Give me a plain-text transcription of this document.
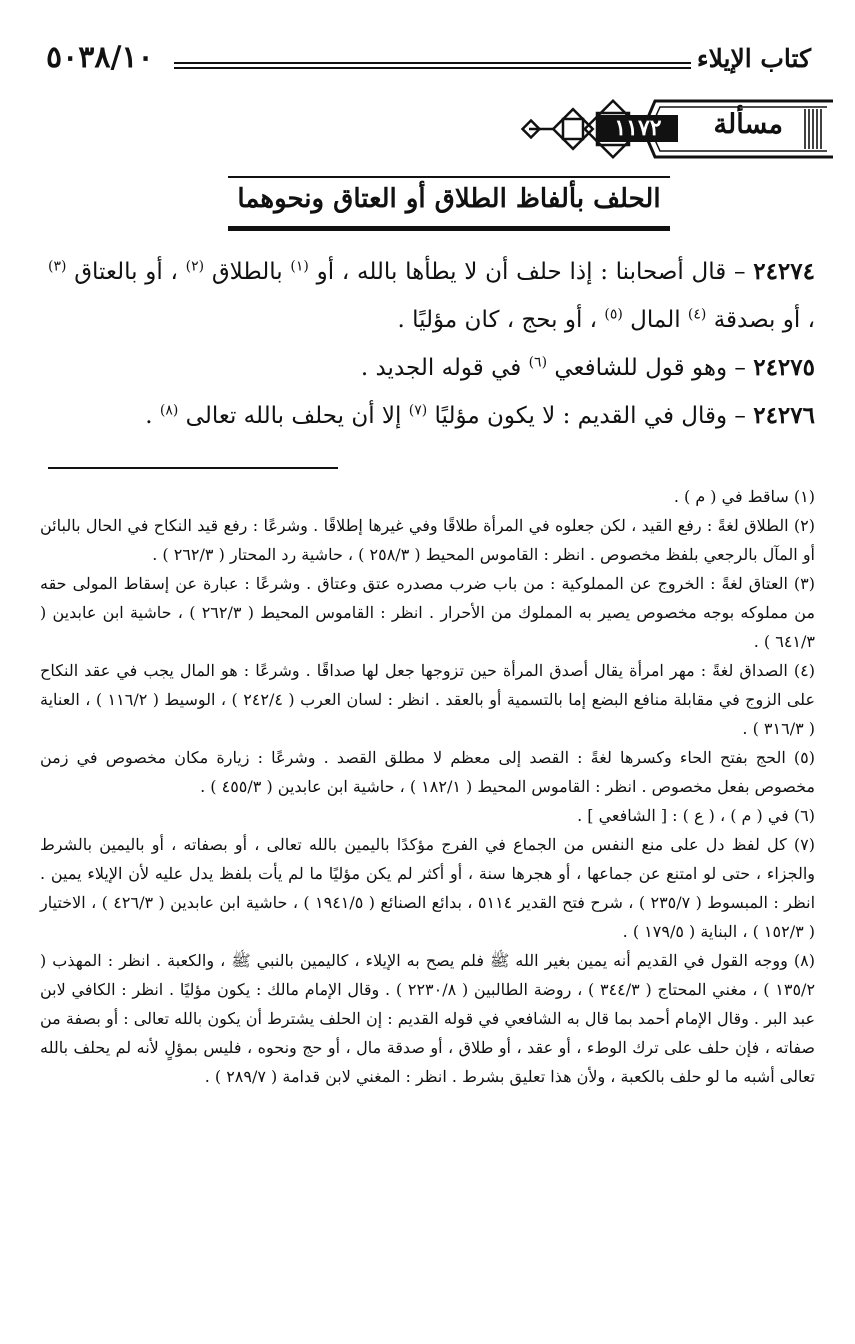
كتاب الإيلاء
٥٠٣٨/١٠
مسألة
١١٧٢
الحلف بألفاظ الطلاق أو العتاق ونحوهما

٢٤٢٧٤ – قال أصحابنا : إذا حلف أن لا يطأها بالله ، أو $^{(١)}$ بالطلاق $^{(٢)}$ ، أو بالعتاق $^{(٣)}$ ، أو بصدقة $^{(٤)}$ المال $^{(٥)}$ ، أو بحج ، كان مؤليًا .

٢٤٢٧٥ – وهو قول للشافعي $^{(٦)}$ في قوله الجديد .

٢٤٢٧٦ – وقال في القديم : لا يكون مؤليًا $^{(٧)}$ إلا أن يحلف بالله تعالى $^{(٨)}$ .

(١) ساقط في ( م ) .

(٢) الطلاق لغةً : رفع القيد ، لكن جعلوه في المرأة طلاقًا وفي غيرها إطلاقًا . وشرعًا : رفع قيد النكاح في الحال بالبائن أو المآل بالرجعي بلفظ مخصوص . انظر : القاموس المحيط ( ٢٥٨/٣ ) ، حاشية رد المحتار ( ٢٦٢/٣ ) .

(٣) العتاق لغةً : الخروج عن المملوكية : من باب ضرب مصدره عتق وعتاق . وشرعًا : عبارة عن إسقاط المولى حقه من مملوكه بوجه مخصوص يصير به المملوك من الأحرار . انظر : القاموس المحيط ( ٢٦٢/٣ ) ، حاشية ابن عابدين ( ٦٤١/٣ ) .

(٤) الصداق لغةً : مهر امرأة يقال أصدق المرأة حين تزوجها جعل لها صداقًا . وشرعًا : هو المال يجب في عقد النكاح على الزوج في مقابلة منافع البضع إما بالتسمية أو بالعقد . انظر : لسان العرب ( ٢٤٢/٤ ) ، الوسيط ( ١١٦/٢ ) ، العناية ( ٣١٦/٣ ) .

(٥) الحج بفتح الحاء وكسرها لغةً : القصد إلى معظم لا مطلق القصد . وشرعًا : زيارة مكان مخصوص في زمن مخصوص بفعل مخصوص . انظر : القاموس المحيط ( ١٨٢/١ ) ، حاشية ابن عابدين ( ٤٥٥/٣ ) .

(٦) في ( م ) ، ( ع ) : [ الشافعي ] .

(٧) كل لفظ دل على منع النفس من الجماع في الفرج مؤكدًا باليمين بالله تعالى ، أو بصفاته ، أو باليمين بالشرط والجزاء ، حتى لو امتنع عن جماعها ، أو هجرها سنة ، أو أكثر لم يكن مؤليًا ما لم يأت بلفظ يدل عليه لأن الإيلاء يمين . انظر : المبسوط ( ٢٣٥/٧ ) ، شرح فتح القدير ٥١١٤ ، بدائع الصنائع ( ١٩٤١/٥ ) ، حاشية ابن عابدين ( ٤٢٦/٣ ) ، الاختيار ( ١٥٢/٣ ) ، البناية ( ١٧٩/٥ ) .

(٨) ووجه القول في القديم أنه يمين بغير الله ﷺ فلم يصح به الإيلاء ، كاليمين بالنبي ﷺ ، والكعبة . انظر : المهذب ( ١٣٥/٢ ) ، مغني المحتاج ( ٣٤٤/٣ ) ، روضة الطالبين ( ٢٢٣٠/٨ ) . وقال الإمام مالك : يكون مؤليًا . انظر : الكافي لابن عبد البر . وقال الإمام أحمد بما قال به الشافعي في قوله القديم : إن الحلف يشترط أن يكون بالله تعالى : أو بصفة من صفاته ، فإن حلف على ترك الوطء ، أو عقد ، أو طلاق ، أو صدقة مال ، أو حج ونحوه ، فليس بمؤلٍ لأنه لم يحلف بالله تعالى أشبه ما لو حلف بالكعبة ، ولأن هذا تعليق بشرط . انظر : المغني لابن قدامة ( ٢٨٩/٧ ) .
